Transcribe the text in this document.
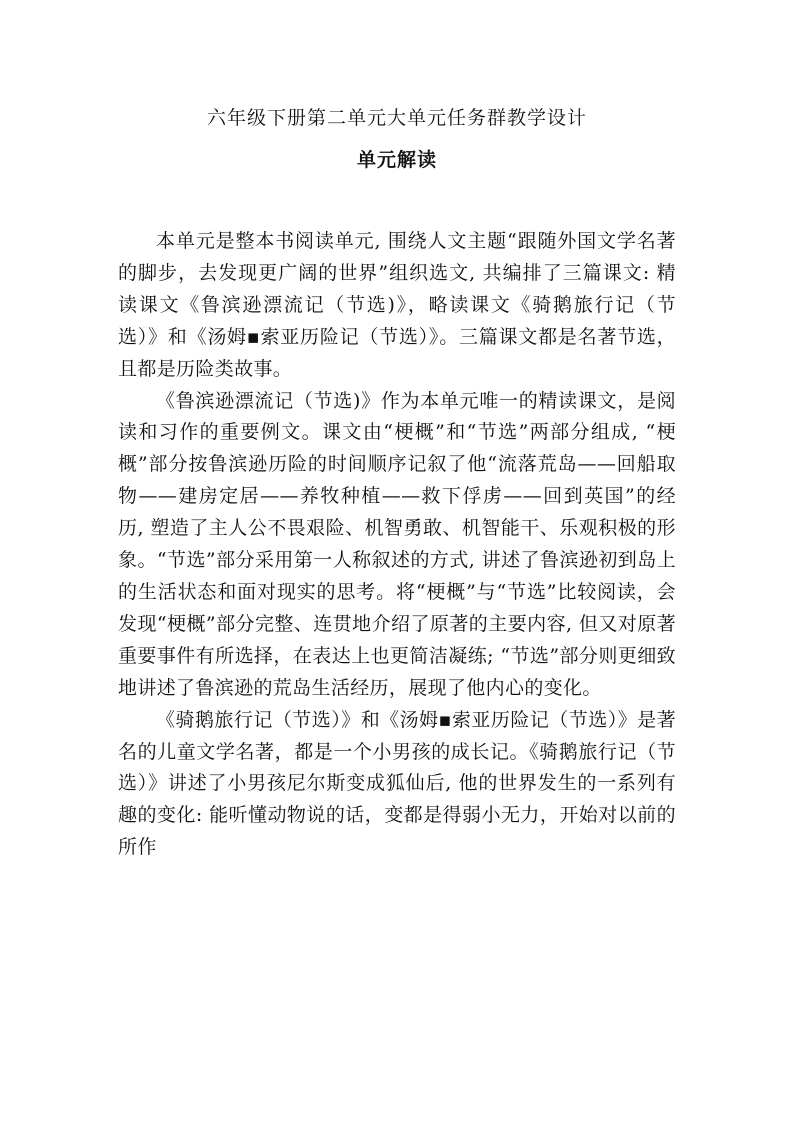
六年级下册第二单元大单元任务群教学设计
单元解读

本单元是整本书阅读单元, 围绕人文主题“跟随外国文学名著的脚步，去发现更广阔的世界”组织选文, 共编排了三篇课文: 精读课文《鲁滨逊漂流记（节选)》，略读课文《骑鹅旅行记（节选）》和《汤姆▪索亚历险记（节选）》。三篇课文都是名著节选，且都是历险类故事。

《鲁滨逊漂流记（节选)》作为本单元唯一的精读课文，是阅读和习作的重要例文。课文由“梗概”和“节选”两部分组成, “梗概”部分按鲁滨逊历险的时间顺序记叙了他“流落荒岛——回船取物——建房定居——养牧种植——救下俘虏——回到英国”的经历, 塑造了主人公不畏艰险、机智勇敢、机智能干、乐观积极的形象。“节选”部分采用第一人称叙述的方式, 讲述了鲁滨逊初到岛上的生活状态和面对现实的思考。将“梗概”与“节选”比较阅读，会发现“梗概”部分完整、连贯地介绍了原著的主要内容, 但又对原著重要事件有所选择，在表达上也更简洁凝练; “节选”部分则更细致地讲述了鲁滨逊的荒岛生活经历，展现了他内心的变化。

《骑鹅旅行记（节选）》和《汤姆▪索亚历险记（节选）》是著名的儿童文学名著，都是一个小男孩的成长记。《骑鹅旅行记（节选）》讲述了小男孩尼尔斯变成狐仙后, 他的世界发生的一系列有趣的变化: 能听懂动物说的话，变都是得弱小无力，开始对以前的所作
